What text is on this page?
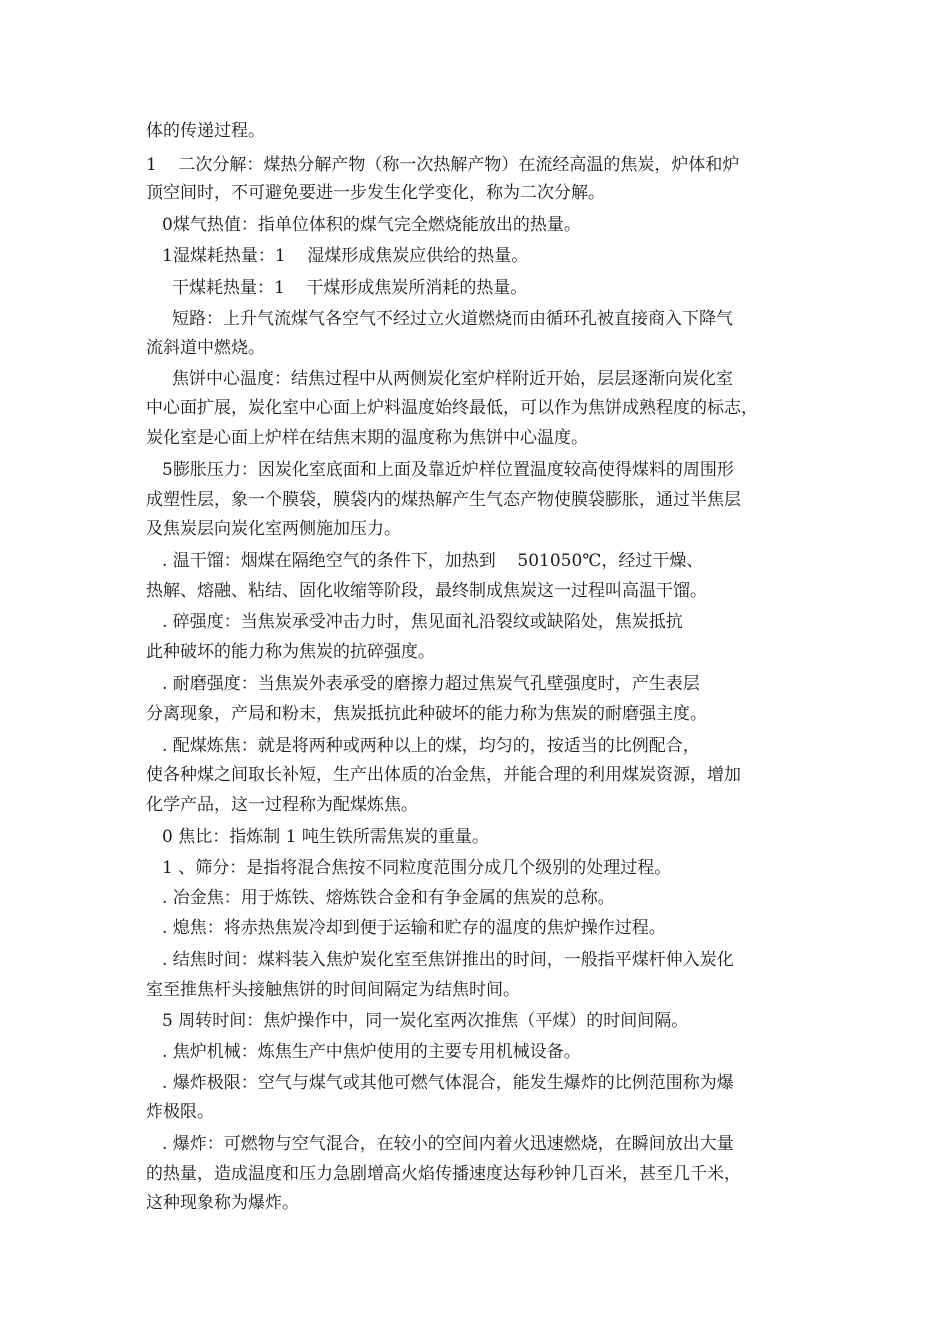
体的传递过程。
1    二次分解：煤热分解产物（称一次热解产物）在流经高温的焦炭，炉体和炉
顶空间时，不可避免要进一步发生化学变化，称为二次分解。
0煤气热值：指单位体积的煤气完全燃烧能放出的热量。
1湿煤耗热量：1    湿煤形成焦炭应供给的热量。
干煤耗热量：1    干煤形成焦炭所消耗的热量。
短路：上升气流煤气各空气不经过立火道燃烧而由循环孔被直接商入下降气
流斜道中燃烧。
焦饼中心温度：结焦过程中从两侧炭化室炉样附近开始，层层逐渐向炭化室
中心面扩展，炭化室中心面上炉料温度始终最低，可以作为焦饼成熟程度的标志，
炭化室是心面上炉样在结焦末期的温度称为焦饼中心温度。
5膨胀压力：因炭化室底面和上面及靠近炉样位置温度较高使得煤料的周围形
成塑性层，象一个膜袋，膜袋内的煤热解产生气态产物使膜袋膨胀，通过半焦层
及焦炭层向炭化室两侧施加压力。
. 温干馏：烟煤在隔绝空气的条件下，加热到    501050℃，经过干燥、
热解、熔融、粘结、固化收缩等阶段，最终制成焦炭这一过程叫高温干馏。
. 碎强度：当焦炭承受冲击力时，焦见面礼沿裂纹或缺陷处，焦炭抵抗
此种破坏的能力称为焦炭的抗碎强度。
. 耐磨强度：当焦炭外表承受的磨擦力超过焦炭气孔壁强度时，产生表层
分离现象，产局和粉末，焦炭抵抗此种破坏的能力称为焦炭的耐磨强主度。
. 配煤炼焦：就是将两种或两种以上的煤，均匀的，按适当的比例配合，
使各种煤之间取长补短，生产出体质的冶金焦，并能合理的利用煤炭资源，增加
化学产品，这一过程称为配煤炼焦。
0 焦比：指炼制 1 吨生铁所需焦炭的重量。
1 、筛分：是指将混合焦按不同粒度范围分成几个级别的处理过程。
. 冶金焦：用于炼铁、熔炼铁合金和有争金属的焦炭的总称。
. 熄焦：将赤热焦炭冷却到便于运输和贮存的温度的焦炉操作过程。
. 结焦时间：煤料装入焦炉炭化室至焦饼推出的时间，一般指平煤杆伸入炭化
室至推焦杆头接触焦饼的时间间隔定为结焦时间。
5 周转时间：焦炉操作中，同一炭化室两次推焦（平煤）的时间间隔。
. 焦炉机械：炼焦生产中焦炉使用的主要专用机械设备。
. 爆炸极限：空气与煤气或其他可燃气体混合，能发生爆炸的比例范围称为爆
炸极限。
. 爆炸：可燃物与空气混合，在较小的空间内着火迅速燃烧，在瞬间放出大量
的热量，造成温度和压力急剧增高火焰传播速度达每秒钟几百米，甚至几千米，
这种现象称为爆炸。
